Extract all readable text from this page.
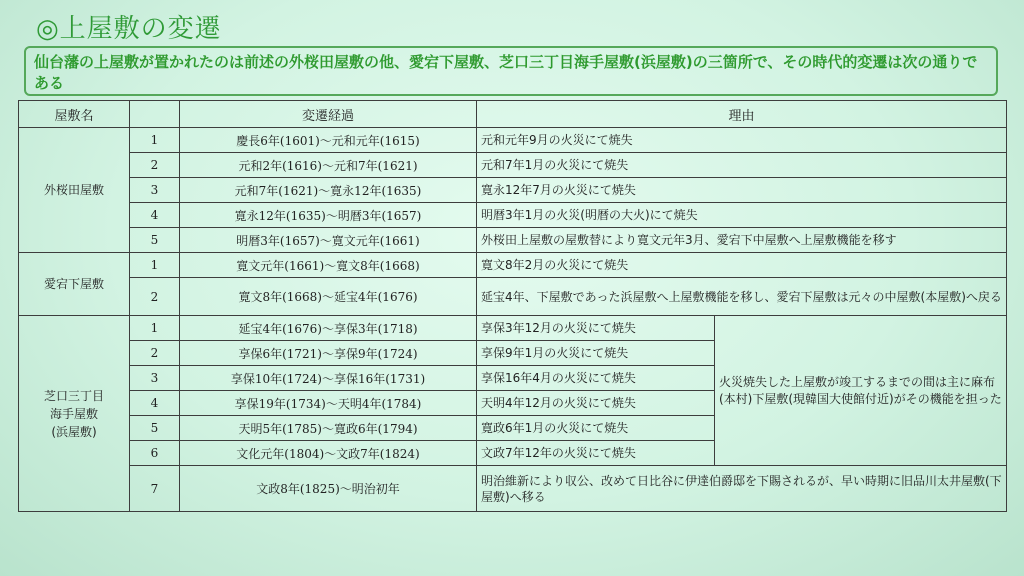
◎上屋敷の変遷
仙台藩の上屋敷が置かれたのは前述の外桜田屋敷の他、愛宕下屋敷、芝口三丁目海手屋敷(浜屋敷)の三箇所で、その時代的変遷は次の通りである
屋敷名		変遷経過	理由	
外桜田屋敷	1	慶長6年(1601)～元和元年(1615)	元和元年9月の火災にて焼失	
	2	元和2年(1616)～元和7年(1621)	元和7年1月の火災にて焼失	
	3	元和7年(1621)～寛永12年(1635)	寛永12年7月の火災にて焼失	
	4	寛永12年(1635)～明暦3年(1657)	明暦3年1月の火災(明暦の大火)にて焼失	
	5	明暦3年(1657)～寛文元年(1661)	外桜田上屋敷の屋敷替により寛文元年3月、愛宕下中屋敷へ上屋敷機能を移す	
愛宕下屋敷	1	寛文元年(1661)～寛文8年(1668)	寛文8年2月の火災にて焼失	
	2	寛文8年(1668)～延宝4年(1676)	延宝4年、下屋敷であった浜屋敷へ上屋敷機能を移し、愛宕下屋敷は元々の中屋敷(本屋敷)へ戻る	

芝口三丁目
海手屋敷
(浜屋敷)	1	延宝4年(1676)～享保3年(1718)	享保3年12月の火災にて焼失	火災焼失した上屋敷が竣工するまでの間は主に麻布(本村)下屋敷(現韓国大使館付近)がその機能を担った
	2	享保6年(1721)～享保9年(1724)	享保9年1月の火災にて焼失	
	3	享保10年(1724)～享保16年(1731)	享保16年4月の火災にて焼失	
	4	享保19年(1734)～天明4年(1784)	天明4年12月の火災にて焼失	
	5	天明5年(1785)～寛政6年(1794)	寛政6年1月の火災にて焼失	
	6	文化元年(1804)～文政7年(1824)	文政7年12年の火災にて焼失	
	7	文政8年(1825)～明治初年	明治維新により収公、改めて日比谷に伊達伯爵邸を下賜されるが、早い時期に旧品川太井屋敷(下屋敷)へ移る	
